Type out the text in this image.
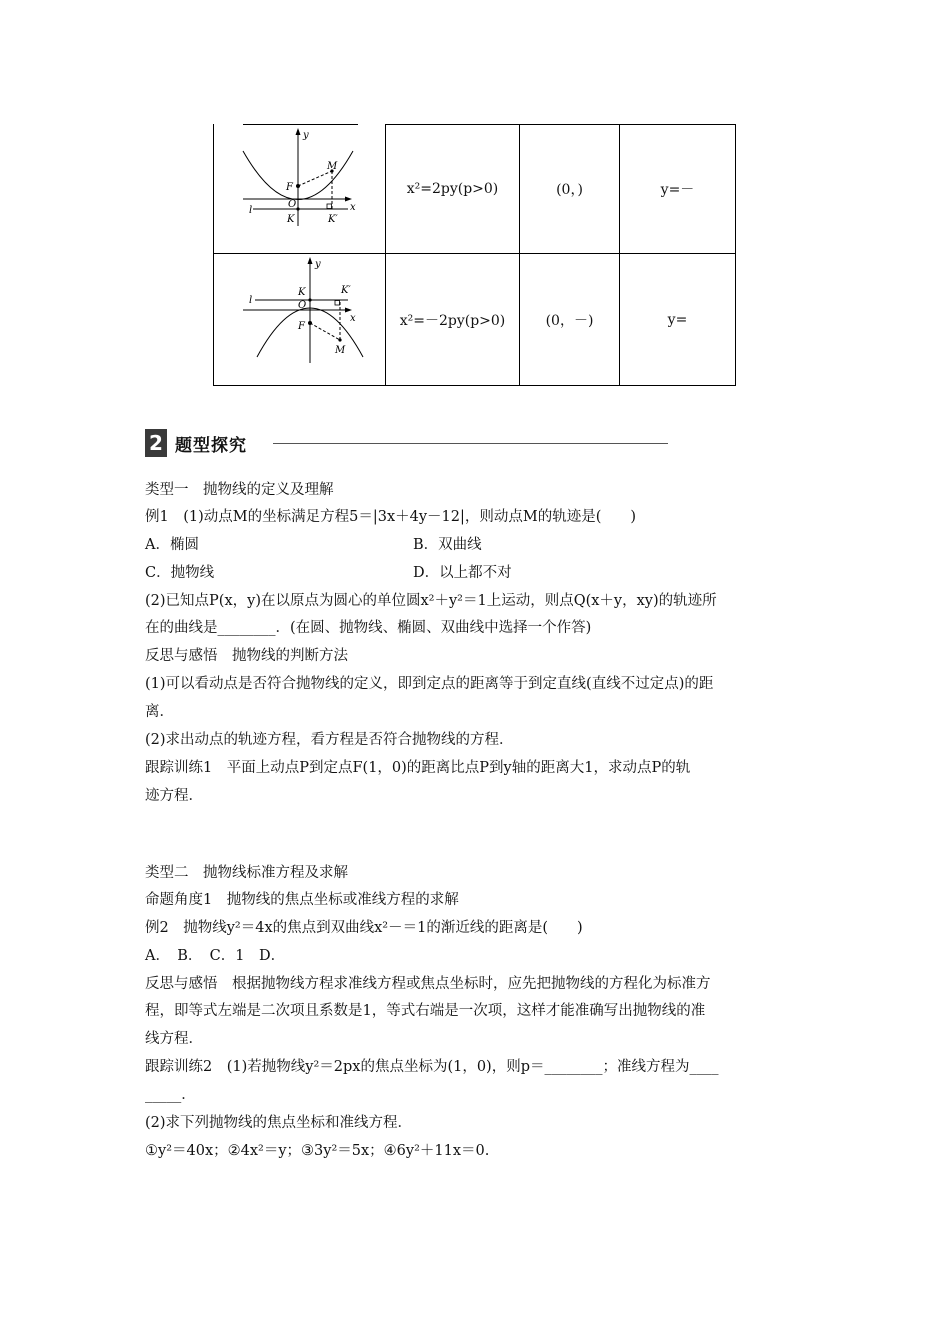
y
x
F
O
M
K	K′
l
x²=2py(p>0)	(0，)	y=－
y
x
K	K′
O
F
M
l
x²=－2py(p>0)	(0，－)	y=
2 题型探究
类型一　抛物线的定义及理解
例1　(1)动点M的坐标满足方程5＝|3x＋4y－12|，则动点M的轨迹是(　　)
A．椭圆	B．双曲线
C．抛物线	D．以上都不对
(2)已知点P(x，y)在以原点为圆心的单位圆x²＋y²＝1上运动，则点Q(x＋y，xy)的轨迹所
在的曲线是________．(在圆、抛物线、椭圆、双曲线中选择一个作答)
反思与感悟　抛物线的判断方法
(1)可以看动点是否符合抛物线的定义，即到定点的距离等于到定直线(直线不过定点)的距
离．
(2)求出动点的轨迹方程，看方程是否符合抛物线的方程．
跟踪训练1　平面上动点P到定点F(1，0)的距离比点P到y轴的距离大1，求动点P的轨
迹方程．
类型二　抛物线标准方程及求解
命题角度1　抛物线的焦点坐标或准线方程的求解
例2　抛物线y²＝4x的焦点到双曲线x²－＝1的渐近线的距离是(　　)
A．　B．　C．1　D．
反思与感悟　根据抛物线方程求准线方程或焦点坐标时，应先把抛物线的方程化为标准方
程，即等式左端是二次项且系数是1，等式右端是一次项，这样才能准确写出抛物线的准
线方程．
跟踪训练2　(1)若抛物线y²＝2px的焦点坐标为(1，0)，则p＝________；准线方程为____
_____．
(2)求下列抛物线的焦点坐标和准线方程．
①y²＝40x；②4x²＝y；③3y²＝5x；④6y²＋11x＝0.
